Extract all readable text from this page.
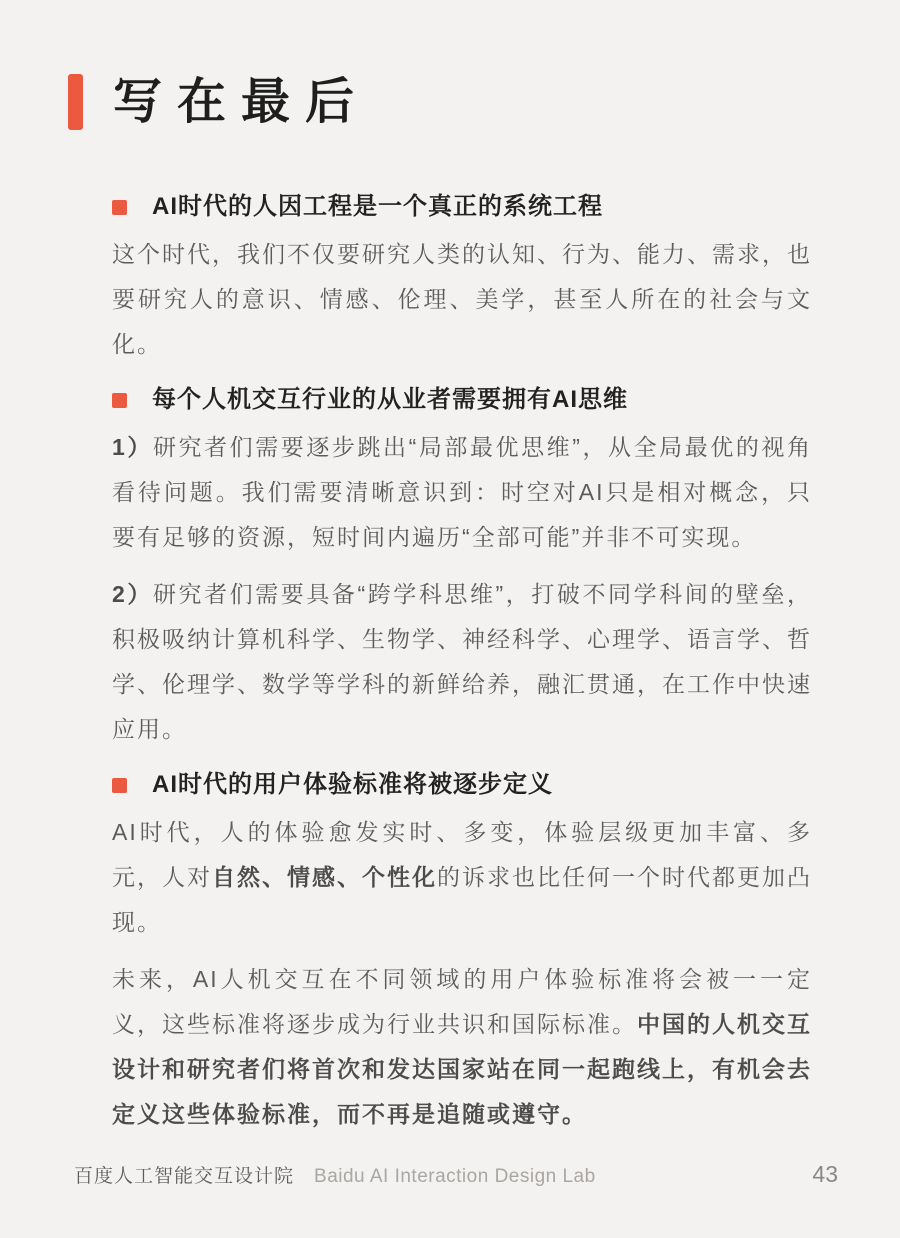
写在最后
AI时代的人因工程是一个真正的系统工程

这个时代，我们不仅要研究人类的认知、行为、能力、需求，也要研究人的意识、情感、伦理、美学，甚至人所在的社会与文化。

每个人机交互行业的从业者需要拥有AI思维

1）研究者们需要逐步跳出“局部最优思维”，从全局最优的视角看待问题。我们需要清晰意识到：时空对AI只是相对概念，只要有足够的资源，短时间内遍历“全部可能”并非不可实现。

2）研究者们需要具备“跨学科思维”，打破不同学科间的壁垒，积极吸纳计算机科学、生物学、神经科学、心理学、语言学、哲学、伦理学、数学等学科的新鲜给养，融汇贯通，在工作中快速应用。

AI时代的用户体验标准将被逐步定义

AI时代，人的体验愈发实时、多变，体验层级更加丰富、多元，人对自然、情感、个性化的诉求也比任何一个时代都更加凸现。

未来，AI人机交互在不同领域的用户体验标准将会被一一定义，这些标准将逐步成为行业共识和国际标准。中国的人机交互设计和研究者们将首次和发达国家站在同一起跑线上，有机会去定义这些体验标准，而不再是追随或遵守。

百度人工智能交互设计院 Baidu AI Interaction Design Lab	43
